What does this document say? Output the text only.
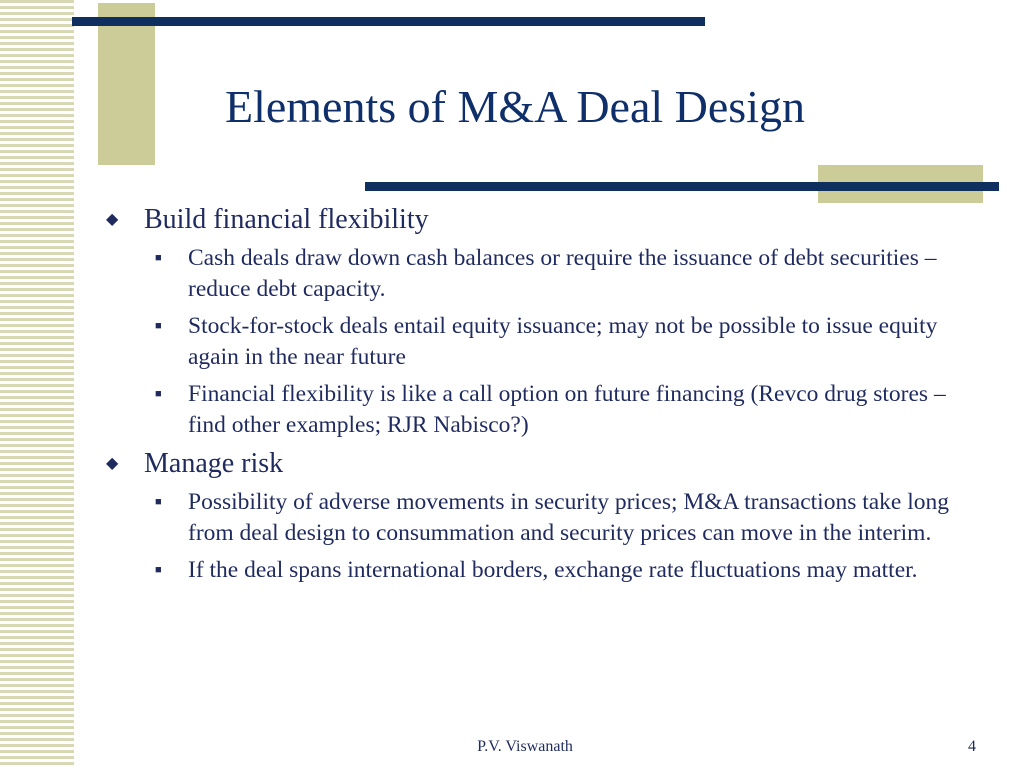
Elements of M&A Deal Design
◆ Build financial flexibility
■	Cash deals draw down cash balances or require the issuance of debt securities – reduce debt capacity.
■	Stock-for-stock deals entail equity issuance; may not be possible to issue equity again in the near future
■	Financial flexibility is like a call option on future financing (Revco drug stores – find other examples; RJR Nabisco?)
◆ Manage risk
■	Possibility of adverse movements in security prices; M&A transactions take long from deal design to consummation and security prices can move in the interim.
■	If the deal spans international borders, exchange rate fluctuations may matter.
P.V. Viswanath	4
